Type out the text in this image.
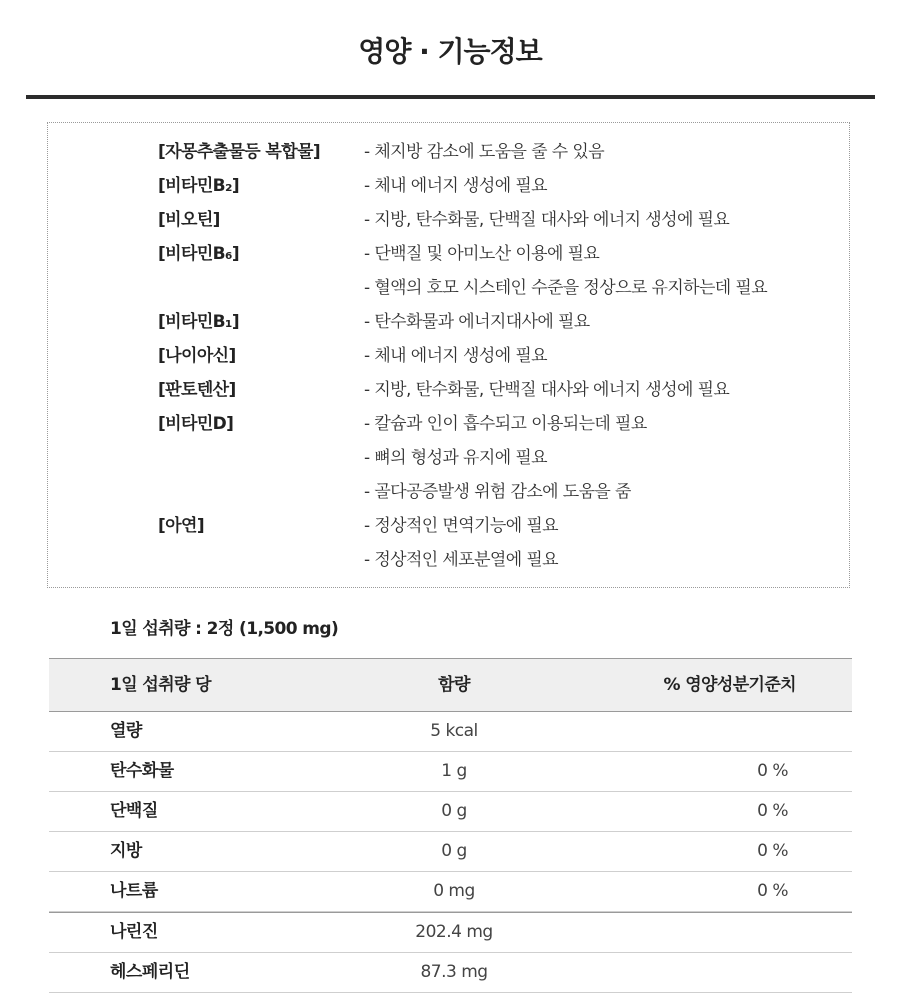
영양 · 기능정보
[자몽추출물등 복합물]	- 체지방 감소에 도움을 줄 수 있음
[비타민B₂]	- 체내 에너지 생성에 필요
[비오틴]	- 지방, 탄수화물, 단백질 대사와 에너지 생성에 필요
[비타민B₆]	- 단백질 및 아미노산 이용에 필요
- 혈액의 호모 시스테인 수준을 정상으로 유지하는데 필요
[비타민B₁]	- 탄수화물과 에너지대사에 필요
[나이아신]	- 체내 에너지 생성에 필요
[판토텐산]	- 지방, 탄수화물, 단백질 대사와 에너지 생성에 필요
[비타민D]	- 칼슘과 인이 흡수되고 이용되는데 필요
- 뼈의 형성과 유지에 필요
- 골다공증발생 위험 감소에 도움을 줌
[아연]	- 정상적인 면역기능에 필요
- 정상적인 세포분열에 필요
1일 섭취량 : 2정 (1,500 mg)
1일 섭취량 당	함량	% 영양성분기준치
열량	5 kcal
탄수화물	1 g	0 %
단백질	0 g	0 %
지방	0 g	0 %
나트륨	0 mg	0 %
나린진	202.4 mg
헤스페리딘	87.3 mg
